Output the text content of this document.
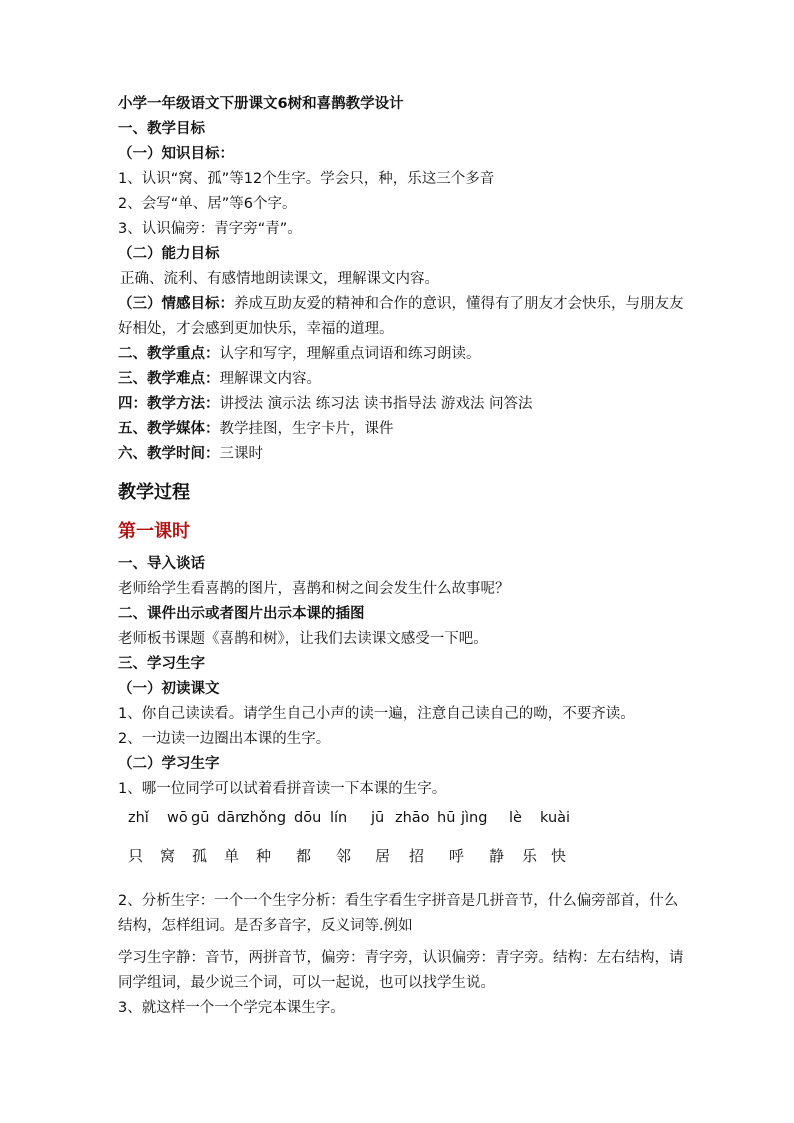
小学一年级语文下册课文6树和喜鹊教学设计
一、教学目标
（一）知识目标：
1、认识“窝、孤”等12个生字。学会只，种，乐这三个多音
2、会写“单、居”等6个字。
3、认识偏旁：青字旁“青”。
（二）能力目标
正确、流利、有感情地朗读课文，理解课文内容。
（三）情感目标：养成互助友爱的精神和合作的意识，懂得有了朋友才会快乐，与朋友友好相处，才会感到更加快乐，幸福的道理。
二、教学重点：认字和写字，理解重点词语和练习朗读。
三、教学难点：理解课文内容。
四：教学方法：讲授法 演示法 练习法 读书指导法 游戏法 问答法
五、教学媒体：教学挂图，生字卡片，课件
六、教学时间：三课时
教学过程
第一课时
一、导入谈话
老师给学生看喜鹊的图片，喜鹊和树之间会发生什么故事呢？
二、课件出示或者图片出示本课的插图
老师板书课题《喜鹊和树》，让我们去读课文感受一下吧。
三、学习生字
（一）初读课文
1、你自己读读看。请学生自己小声的读一遍，注意自己读自己的呦，不要齐读。
2、一边读一边圈出本课的生字。
（二）学习生字
1、哪一位同学可以试着看拼音读一下本课的生字。
zhǐ wō gū dān
zhǒng dōu lín jū zhāo hū jìng lè kuài
只 窝 孤 单 种 都 邻 居 招 呼 静 乐 快
2、分析生字：一个一个生字分析：看生字看生字拼音是几拼音节，什么偏旁部首，什么结构，怎样组词。是否多音字，反义词等.例如
学习生字静：音节，两拼音节，偏旁：青字旁，认识偏旁：青字旁。结构：左右结构，请同学组词，最少说三个词，可以一起说，也可以找学生说。
3、就这样一个一个学完本课生字。
